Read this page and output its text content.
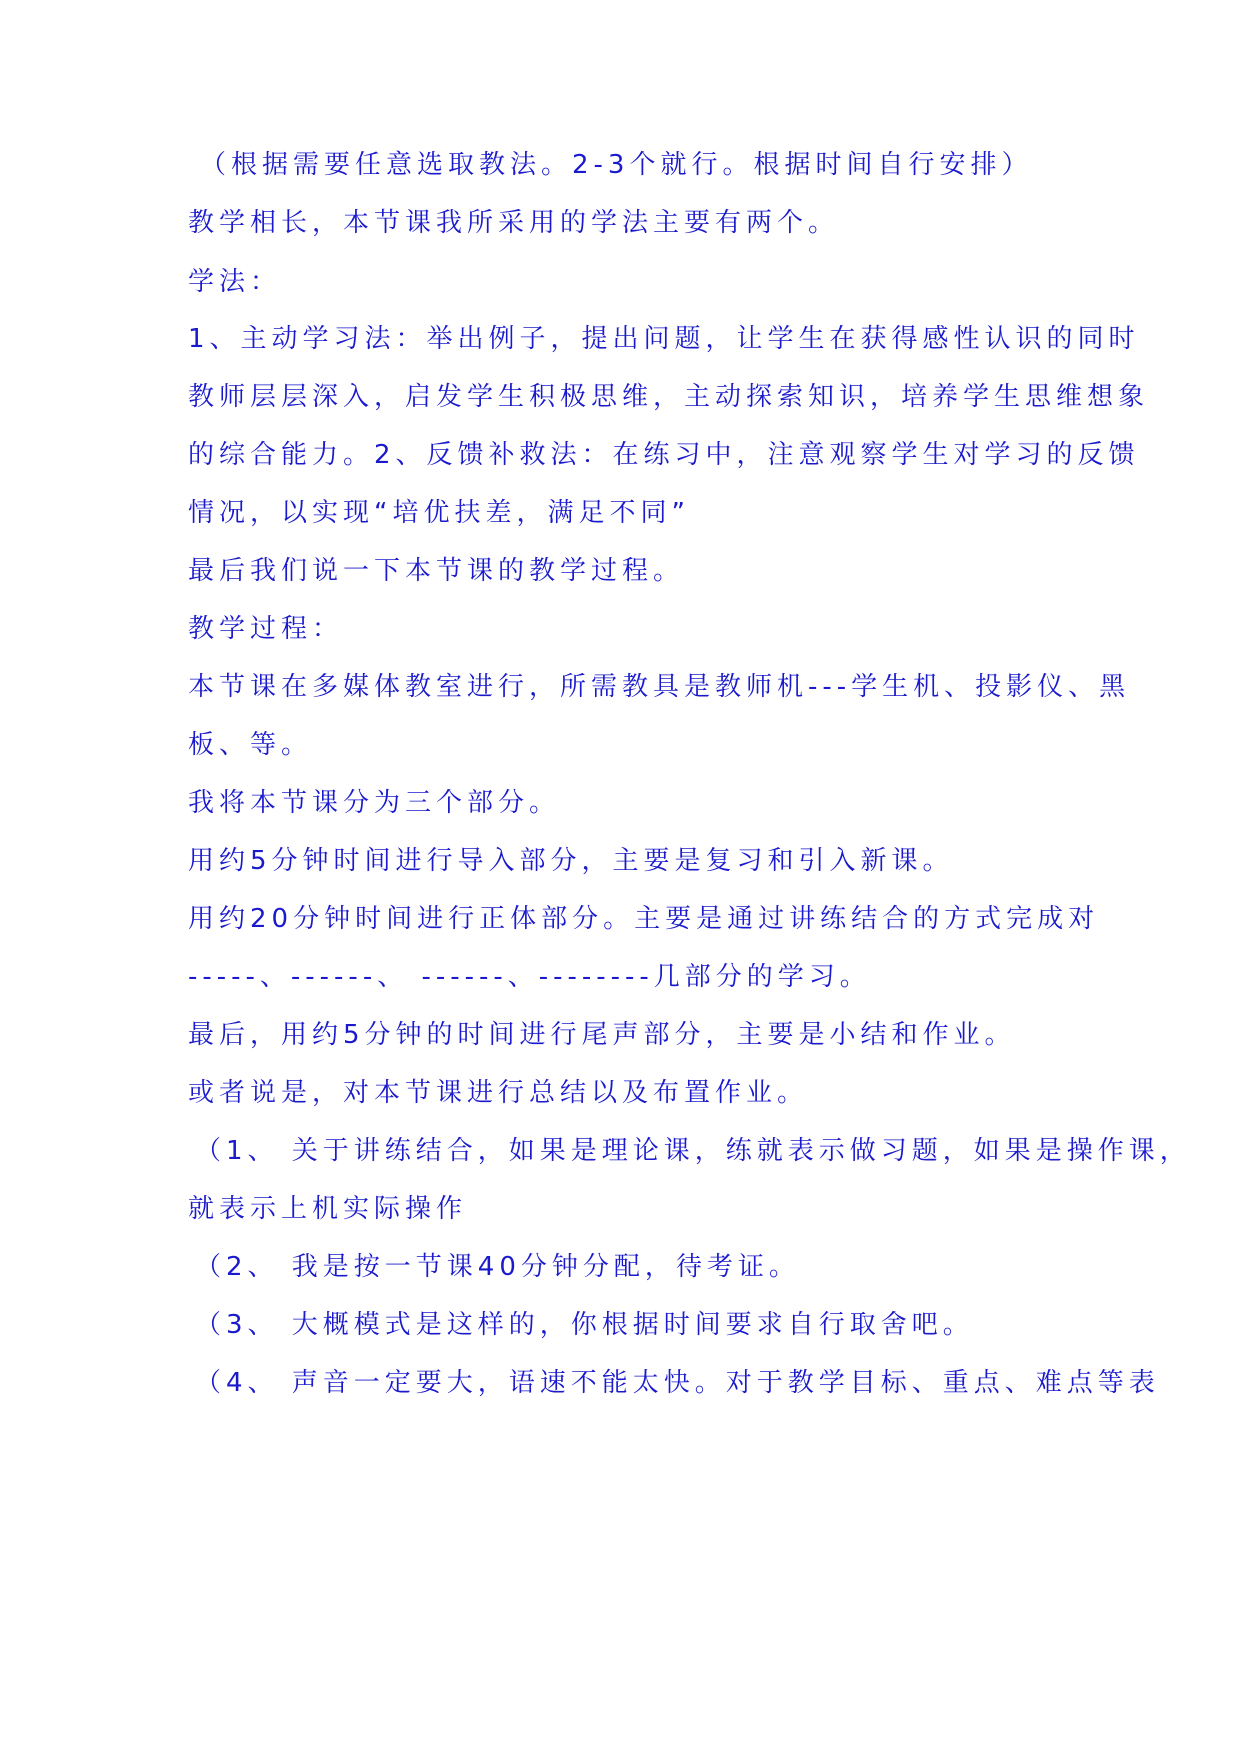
（根据需要任意选取教法。2-3个就行。根据时间自行安排）
教学相长，本节课我所采用的学法主要有两个。
学法：
1、主动学习法：举出例子，提出问题，让学生在获得感性认识的同时
教师层层深入，启发学生积极思维，主动探索知识，培养学生思维想象
的综合能力。2、反馈补救法：在练习中，注意观察学生对学习的反馈
情况，以实现“培优扶差，满足不同”
最后我们说一下本节课的教学过程。
教学过程：
本节课在多媒体教室进行，所需教具是教师机---学生机、投影仪、黑
板、等。
我将本节课分为三个部分。
用约5分钟时间进行导入部分，主要是复习和引入新课。
用约20分钟时间进行正体部分。主要是通过讲练结合的方式完成对
-----、------、 ------、--------几部分的学习。
最后，用约5分钟的时间进行尾声部分，主要是小结和作业。
或者说是，对本节课进行总结以及布置作业。
（1、 关于讲练结合，如果是理论课，练就表示做习题，如果是操作课，
就表示上机实际操作
（2、 我是按一节课40分钟分配，待考证。
（3、 大概模式是这样的，你根据时间要求自行取舍吧。
（4、 声音一定要大，语速不能太快。对于教学目标、重点、难点等表
